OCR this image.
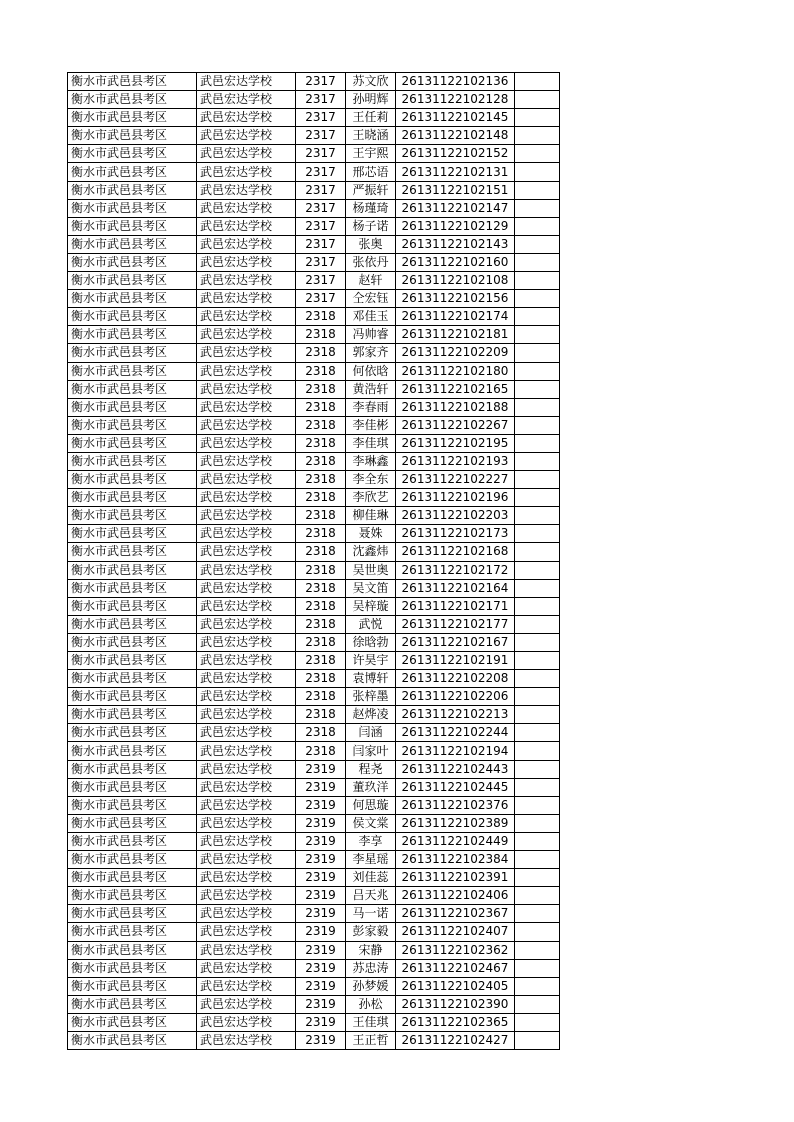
衡水市武邑县考区	武邑宏达学校	2317	苏文欣	26131122102136	
衡水市武邑县考区	武邑宏达学校	2317	孙明辉	26131122102128	
衡水市武邑县考区	武邑宏达学校	2317	王任莉	26131122102145	
衡水市武邑县考区	武邑宏达学校	2317	王晓涵	26131122102148	
衡水市武邑县考区	武邑宏达学校	2317	王宇熙	26131122102152	
衡水市武邑县考区	武邑宏达学校	2317	邢芯语	26131122102131	
衡水市武邑县考区	武邑宏达学校	2317	严振轩	26131122102151	
衡水市武邑县考区	武邑宏达学校	2317	杨瑾琦	26131122102147	
衡水市武邑县考区	武邑宏达学校	2317	杨子诺	26131122102129	
衡水市武邑县考区	武邑宏达学校	2317	张奥	26131122102143	
衡水市武邑县考区	武邑宏达学校	2317	张依丹	26131122102160	
衡水市武邑县考区	武邑宏达学校	2317	赵轩	26131122102108	
衡水市武邑县考区	武邑宏达学校	2317	仝宏钰	26131122102156	
衡水市武邑县考区	武邑宏达学校	2318	邓佳玉	26131122102174	
衡水市武邑县考区	武邑宏达学校	2318	冯帅睿	26131122102181	
衡水市武邑县考区	武邑宏达学校	2318	郭家齐	26131122102209	
衡水市武邑县考区	武邑宏达学校	2318	何依晗	26131122102180	
衡水市武邑县考区	武邑宏达学校	2318	黄浩轩	26131122102165	
衡水市武邑县考区	武邑宏达学校	2318	李春雨	26131122102188	
衡水市武邑县考区	武邑宏达学校	2318	李佳彬	26131122102267	
衡水市武邑县考区	武邑宏达学校	2318	李佳琪	26131122102195	
衡水市武邑县考区	武邑宏达学校	2318	李琳鑫	26131122102193	
衡水市武邑县考区	武邑宏达学校	2318	李全东	26131122102227	
衡水市武邑县考区	武邑宏达学校	2318	李欣艺	26131122102196	
衡水市武邑县考区	武邑宏达学校	2318	柳佳琳	26131122102203	
衡水市武邑县考区	武邑宏达学校	2318	聂姝	26131122102173	
衡水市武邑县考区	武邑宏达学校	2318	沈鑫炜	26131122102168	
衡水市武邑县考区	武邑宏达学校	2318	吴世奥	26131122102172	
衡水市武邑县考区	武邑宏达学校	2318	吴文笛	26131122102164	
衡水市武邑县考区	武邑宏达学校	2318	吴梓璇	26131122102171	
衡水市武邑县考区	武邑宏达学校	2318	武悦	26131122102177	
衡水市武邑县考区	武邑宏达学校	2318	徐晗勃	26131122102167	
衡水市武邑县考区	武邑宏达学校	2318	许昊宇	26131122102191	
衡水市武邑县考区	武邑宏达学校	2318	袁博轩	26131122102208	
衡水市武邑县考区	武邑宏达学校	2318	张梓墨	26131122102206	
衡水市武邑县考区	武邑宏达学校	2318	赵烨凌	26131122102213	
衡水市武邑县考区	武邑宏达学校	2318	闫涵	26131122102244	
衡水市武邑县考区	武邑宏达学校	2318	闫家叶	26131122102194	
衡水市武邑县考区	武邑宏达学校	2319	程尧	26131122102443	
衡水市武邑县考区	武邑宏达学校	2319	董玖洋	26131122102445	
衡水市武邑县考区	武邑宏达学校	2319	何思璇	26131122102376	
衡水市武邑县考区	武邑宏达学校	2319	侯文棠	26131122102389	
衡水市武邑县考区	武邑宏达学校	2319	李享	26131122102449	
衡水市武邑县考区	武邑宏达学校	2319	李星瑶	26131122102384	
衡水市武邑县考区	武邑宏达学校	2319	刘佳蕊	26131122102391	
衡水市武邑县考区	武邑宏达学校	2319	吕天兆	26131122102406	
衡水市武邑县考区	武邑宏达学校	2319	马一诺	26131122102367	
衡水市武邑县考区	武邑宏达学校	2319	彭家毅	26131122102407	
衡水市武邑县考区	武邑宏达学校	2319	宋静	26131122102362	
衡水市武邑县考区	武邑宏达学校	2319	苏忠涛	26131122102467	
衡水市武邑县考区	武邑宏达学校	2319	孙梦媛	26131122102405	
衡水市武邑县考区	武邑宏达学校	2319	孙松	26131122102390	
衡水市武邑县考区	武邑宏达学校	2319	王佳琪	26131122102365	
衡水市武邑县考区	武邑宏达学校	2319	王正哲	26131122102427	
